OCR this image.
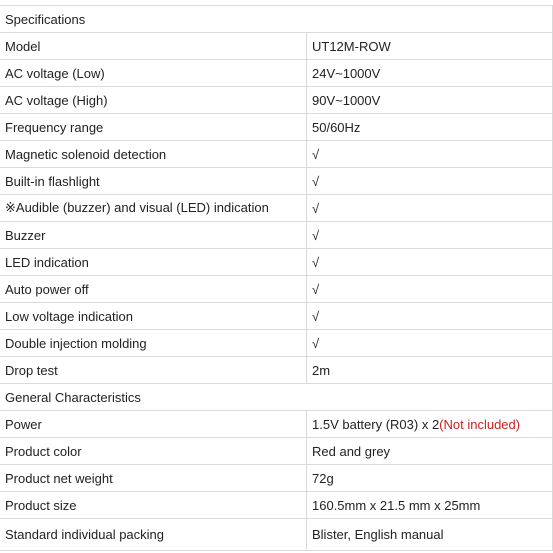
Specifications	
Model	UT12M-ROW
AC voltage (Low)	24V~1000V
AC voltage (High)	90V~1000V
Frequency range	50/60Hz
Magnetic solenoid detection	√
Built-in flashlight	√
※Audible (buzzer) and visual (LED) indication	√
Buzzer	√
LED indication	√
Auto power off	√
Low voltage indication	√
Double injection molding	√
Drop test	2m
General Characteristics	
Power	1.5V battery (R03) x 2(Not included)
Product color	Red and grey
Product net weight	72g
Product size	160.5mm x 21.5 mm x 25mm
Standard individual packing	Blister, English manual
